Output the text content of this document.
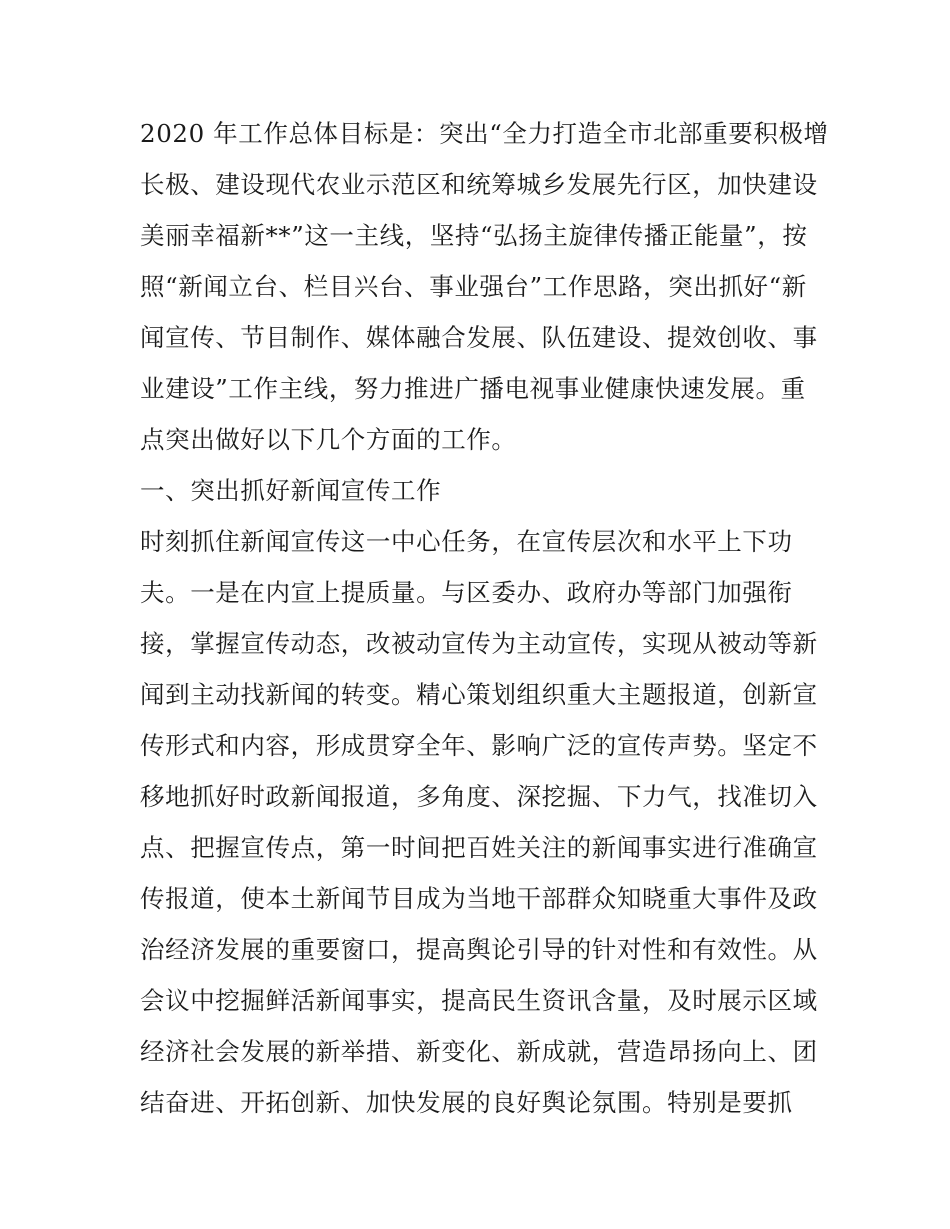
2020 年工作总体目标是：突出“全力打造全市北部重要积极增
长极、建设现代农业示范区和统筹城乡发展先行区，加快建设
美丽幸福新**”这一主线，坚持“弘扬主旋律传播正能量”，按
照“新闻立台、栏目兴台、事业强台”工作思路，突出抓好“新
闻宣传、节目制作、媒体融合发展、队伍建设、提效创收、事
业建设”工作主线，努力推进广播电视事业健康快速发展。重
点突出做好以下几个方面的工作。
一、突出抓好新闻宣传工作
时刻抓住新闻宣传这一中心任务，在宣传层次和水平上下功
夫。一是在内宣上提质量。与区委办、政府办等部门加强衔
接，掌握宣传动态，改被动宣传为主动宣传，实现从被动等新
闻到主动找新闻的转变。精心策划组织重大主题报道，创新宣
传形式和内容，形成贯穿全年、影响广泛的宣传声势。坚定不
移地抓好时政新闻报道，多角度、深挖掘、下力气，找准切入
点、把握宣传点，第一时间把百姓关注的新闻事实进行准确宣
传报道，使本土新闻节目成为当地干部群众知晓重大事件及政
治经济发展的重要窗口，提高舆论引导的针对性和有效性。从
会议中挖掘鲜活新闻事实，提高民生资讯含量，及时展示区域
经济社会发展的新举措、新变化、新成就，营造昂扬向上、团
结奋进、开拓创新、加快发展的良好舆论氛围。特别是要抓
